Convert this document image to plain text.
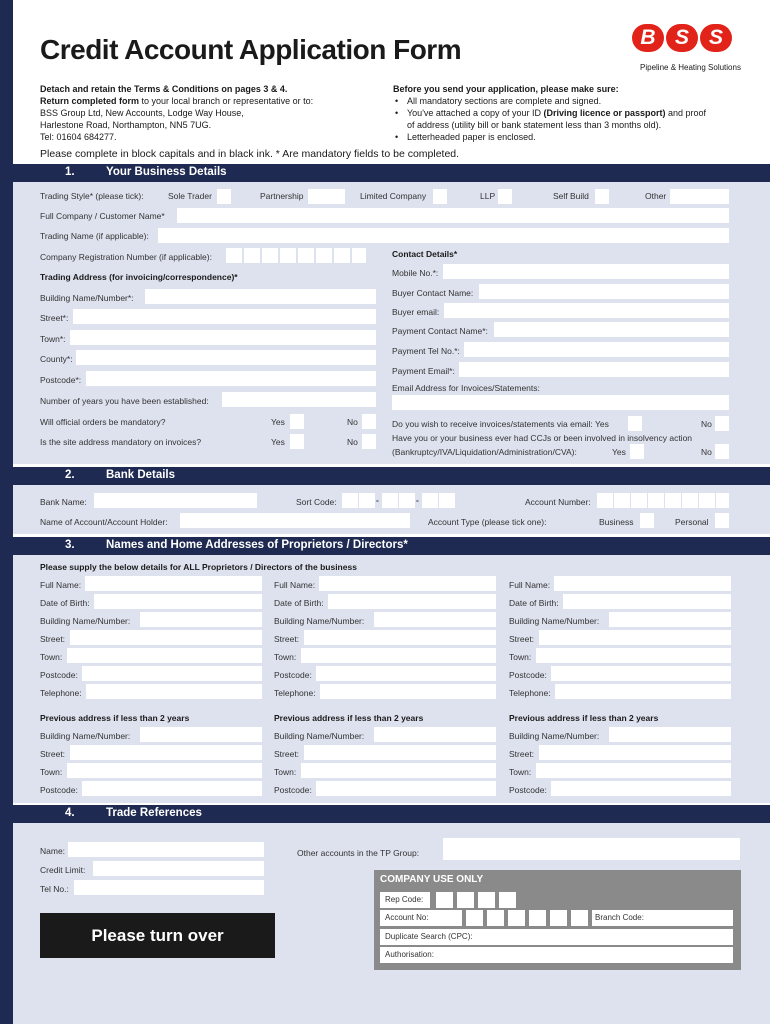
Credit Account Application Form	B S S
Pipeline & Heating Solutions
Detach and retain the Terms & Conditions on pages 3 & 4.
Return completed form to your local branch or representative or to:
BSS Group Ltd, New Accounts, Lodge Way House,
Harlestone Road, Northampton, NN5 7UG.
Tel: 01604 684277.
Before you send your application, please make sure:
• All mandatory sections are complete and signed.
• You've attached a copy of your ID (Driving licence or passport) and proof
of address (utility bill or bank statement less than 3 months old).
• Letterheaded paper is enclosed.
Please complete in block capitals and in black ink. * Are mandatory fields to be completed.
1.	Your Business Details
Trading Style* (please tick):	Sole Trader	Partnership	Limited Company	LLP	Self Build	Other
Full Company / Customer Name*
Trading Name (if applicable):
Company Registration Number (if applicable):
Trading Address (for invoicing/correspondence)*
Building Name/Number*:
Street*:
Town*:
County*:
Postcode*:
Number of years you have been established:
Will official orders be mandatory?	Yes	No
Is the site address mandatory on invoices?	Yes	No
Contact Details*
Mobile No.*:
Buyer Contact Name:
Buyer email:
Payment Contact Name*:
Payment Tel No.*:
Payment Email*:
Email Address for Invoices/Statements:
Do you wish to receive invoices/statements via email: Yes	No
Have you or your business ever had CCJs or been involved in insolvency action
(Bankruptcy/IVA/Liquidation/Administration/CVA):	Yes	No
2.	Bank Details
Bank Name:	Sort Code:	-	-	Account Number:
Name of Account/Account Holder:	Account Type (please tick one):	Business	Personal
3.	Names and Home Addresses of Proprietors / Directors*
Please supply the below details for ALL Proprietors / Directors of the business
Full Name:
Date of Birth:
Building Name/Number:
Street:
Town:
Postcode:
Telephone:
Previous address if less than 2 years
Building Name/Number:
Street:
Town:
Postcode:
Full Name:
Date of Birth:
Building Name/Number:
Street:
Town:
Postcode:
Telephone:
Previous address if less than 2 years
Building Name/Number:
Street:
Town:
Postcode:
Full Name:
Date of Birth:
Building Name/Number:
Street:
Town:
Postcode:
Telephone:
Previous address if less than 2 years
Building Name/Number:
Street:
Town:
Postcode:
4.	Trade References
Name:
Credit Limit:
Tel No.:
Other accounts in the TP Group:
COMPANY USE ONLY
Rep Code:
Account No:	Branch Code:
Duplicate Search (CPC):
Authorisation:
Please turn over
